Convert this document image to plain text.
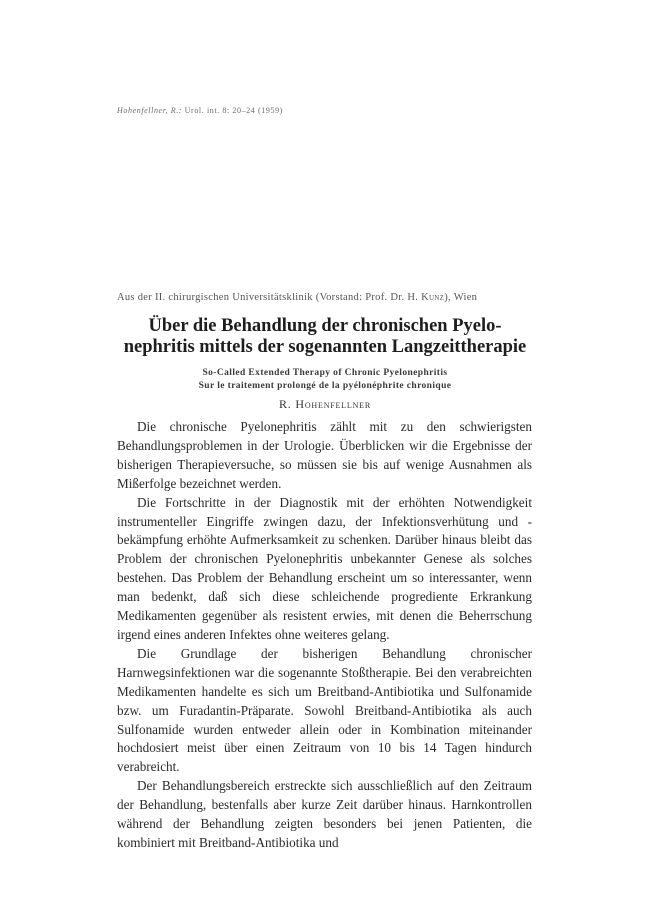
Hohenfellner, R.: Urol. int. 8: 20–24 (1959)
Aus der II. chirurgischen Universitätsklinik (Vorstand: Prof. Dr. H. Kunz), Wien
Über die Behandlung der chronischen Pyelo-
nephritis mittels der sogenannten Langzeittherapie
So-Called Extended Therapy of Chronic Pyelonephritis
Sur le traitement prolongé de la pyélonéphrite chronique
R. Hohenfellner

Die chronische Pyelonephritis zählt mit zu den schwierigsten Behandlungsproblemen in der Urologie. Überblicken wir die Ergebnisse der bisherigen Therapieversuche, so müssen sie bis auf wenige Ausnahmen als Mißerfolge bezeichnet werden.

Die Fortschritte in der Diagnostik mit der erhöhten Notwendigkeit instrumenteller Eingriffe zwingen dazu, der Infektionsverhütung und -bekämpfung erhöhte Aufmerksamkeit zu schenken. Darüber hinaus bleibt das Problem der chronischen Pyelonephritis unbekannter Genese als solches bestehen. Das Problem der Behandlung erscheint um so interessanter, wenn man bedenkt, daß sich diese schleichende progrediente Erkrankung Medikamenten gegenüber als resistent erwies, mit denen die Beherrschung irgend eines anderen Infektes ohne weiteres gelang.

Die Grundlage der bisherigen Behandlung chronischer Harnwegsinfektionen war die sogenannte Stoßtherapie. Bei den verabreichten Medikamenten handelte es sich um Breitband-Antibiotika und Sulfonamide bzw. um Furadantin-Präparate. Sowohl Breitband-Antibiotika als auch Sulfonamide wurden entweder allein oder in Kombination miteinander hochdosiert meist über einen Zeitraum von 10 bis 14 Tagen hindurch verabreicht.

Der Behandlungsbereich erstreckte sich ausschließlich auf den Zeitraum der Behandlung, bestenfalls aber kurze Zeit darüber hinaus. Harnkontrollen während der Behandlung zeigten besonders bei jenen Patienten, die kombiniert mit Breitband-Antibiotika und
